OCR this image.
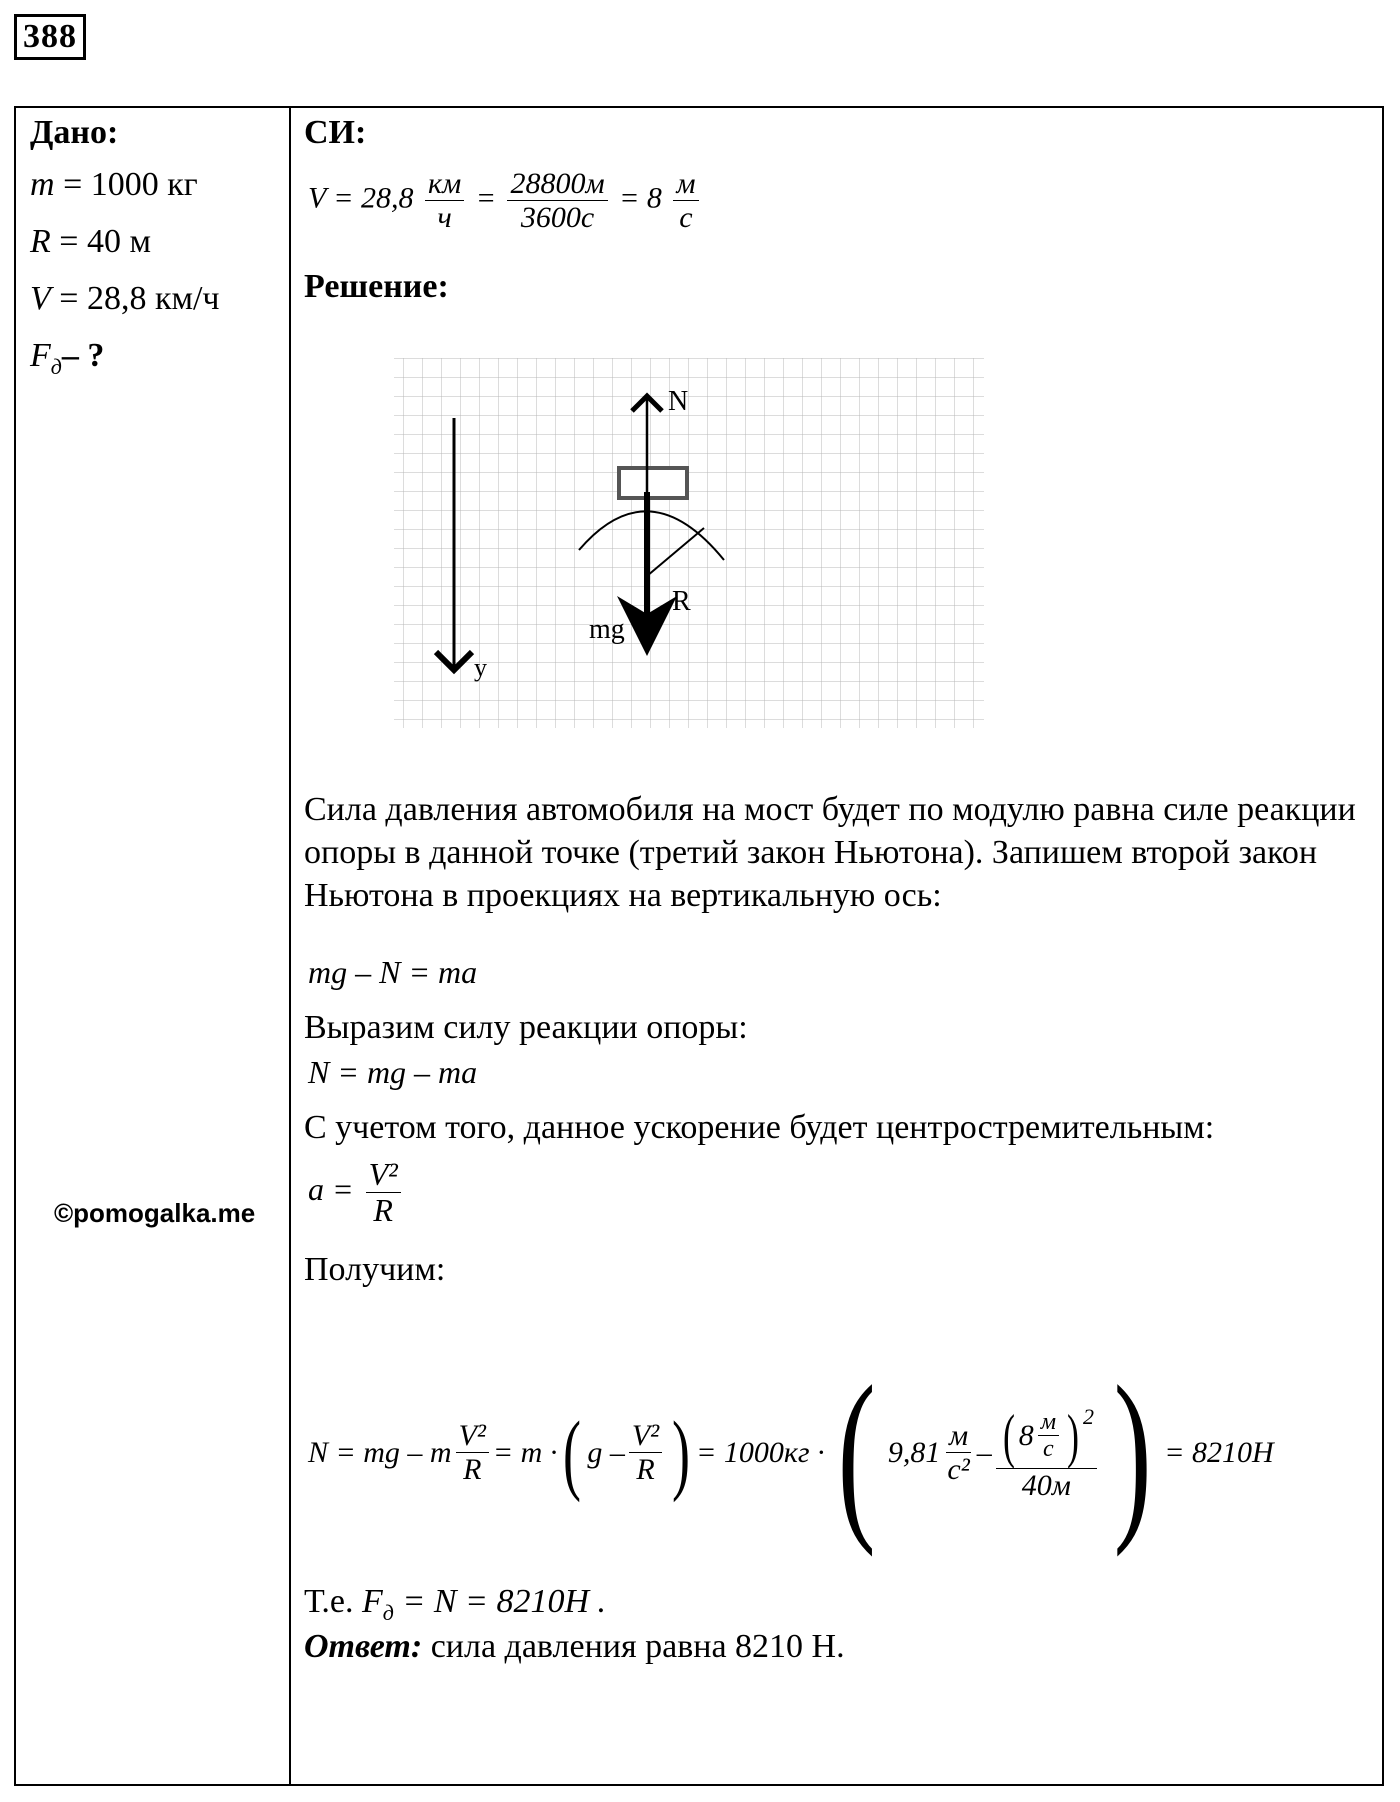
388
Дано:
m = 1000 кг
R = 40 м
V = 28,8 км/ч
$F_д-$ ?
©pomogalka.me
СИ:
$V = 28,8 \frac{км}{ч} = \frac{28800м}{3600с} = 8 \frac{м}{с}$
Решение:
y
N
mg
R
Сила давления автомобиля на мост будет по модулю равна силе реакции опоры в данной точке (третий закон Ньютона). Запишем второй закон Ньютона в проекциях на вертикальную ось:
mg – N = ma
Выразим силу реакции опоры:
N = mg – ma
С учетом того, данное ускорение будет центростремительным:
$a = \frac{\text{V²}}{R}$
Получим:
N = mg – m $\frac{\text{V²}}{R} = m$ · ( g – $\frac{\text{V²}}{R}$ ) = 1000кг · ( $9,81 \frac{м}{\text{с²}} - \frac{( 8 \frac{м}{с} )^2}{40м}$ ) = 8210Н
Т.е. $F_д = N = 8210Н$ .
Ответ: сила давления равна 8210 Н.
